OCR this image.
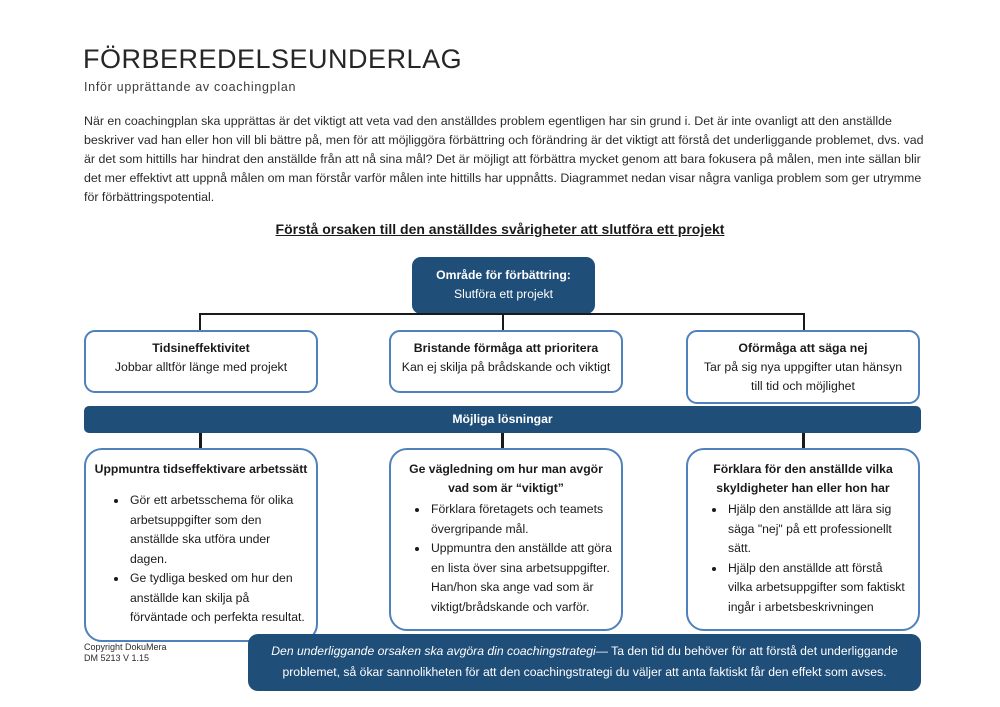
FÖRBEREDELSEUNDERLAG
Inför upprättande av coachingplan
När en coachingplan ska upprättas är det viktigt att veta vad den anställdes problem egentligen har sin grund i. Det är inte ovanligt att den anställde beskriver vad han eller hon vill bli bättre på, men för att möjliggöra förbättring och förändring är det viktigt att förstå det underliggande problemet, dvs. vad är det som hittills har hindrat den anställde från att nå sina mål? Det är möjligt att förbättra mycket genom att bara fokusera på målen, men inte sällan blir det mer effektivt att uppnå målen om man förstår varför målen inte hittills har uppnåtts. Diagrammet nedan visar några vanliga problem som ger utrymme för förbättringspotential.
Förstå orsaken till den anställdes svårigheter att slutföra ett projekt
Område för förbättring:
Slutföra ett projekt
Tidsineffektivitet
Jobbar alltför länge med projekt
Bristande förmåga att prioritera
Kan ej skilja på brådskande och viktigt
Oförmåga att säga nej
Tar på sig nya uppgifter utan hänsyn till tid och möjlighet
Möjliga lösningar
Uppmuntra tidseffektivare arbetssätt
• Gör ett arbetsschema för olika arbetsuppgifter som den anställde ska utföra under dagen.
• Ge tydliga besked om hur den anställde kan skilja på förväntade och perfekta resultat.
Ge vägledning om hur man avgör vad som är “viktigt”
• Förklara företagets och teamets övergripande mål.
• Uppmuntra den anställde att göra en lista över sina arbetsuppgifter. Han/hon ska ange vad som är viktigt/brådskande och varför.
Förklara för den anställde vilka skyldigheter han eller hon har
• Hjälp den anställde att lära sig säga "nej" på ett professionellt sätt.
• Hjälp den anställde att förstå vilka arbetsuppgifter som faktiskt ingår i arbetsbeskrivningen
Copyright DokuMera
DM 5213 V 1.15	Den underliggande orsaken ska avgöra din coachingstrategi— Ta den tid du behöver för att förstå det underliggande problemet, så ökar sannolikheten för att den coachingstrategi du väljer att anta faktiskt får den effekt som avses.
